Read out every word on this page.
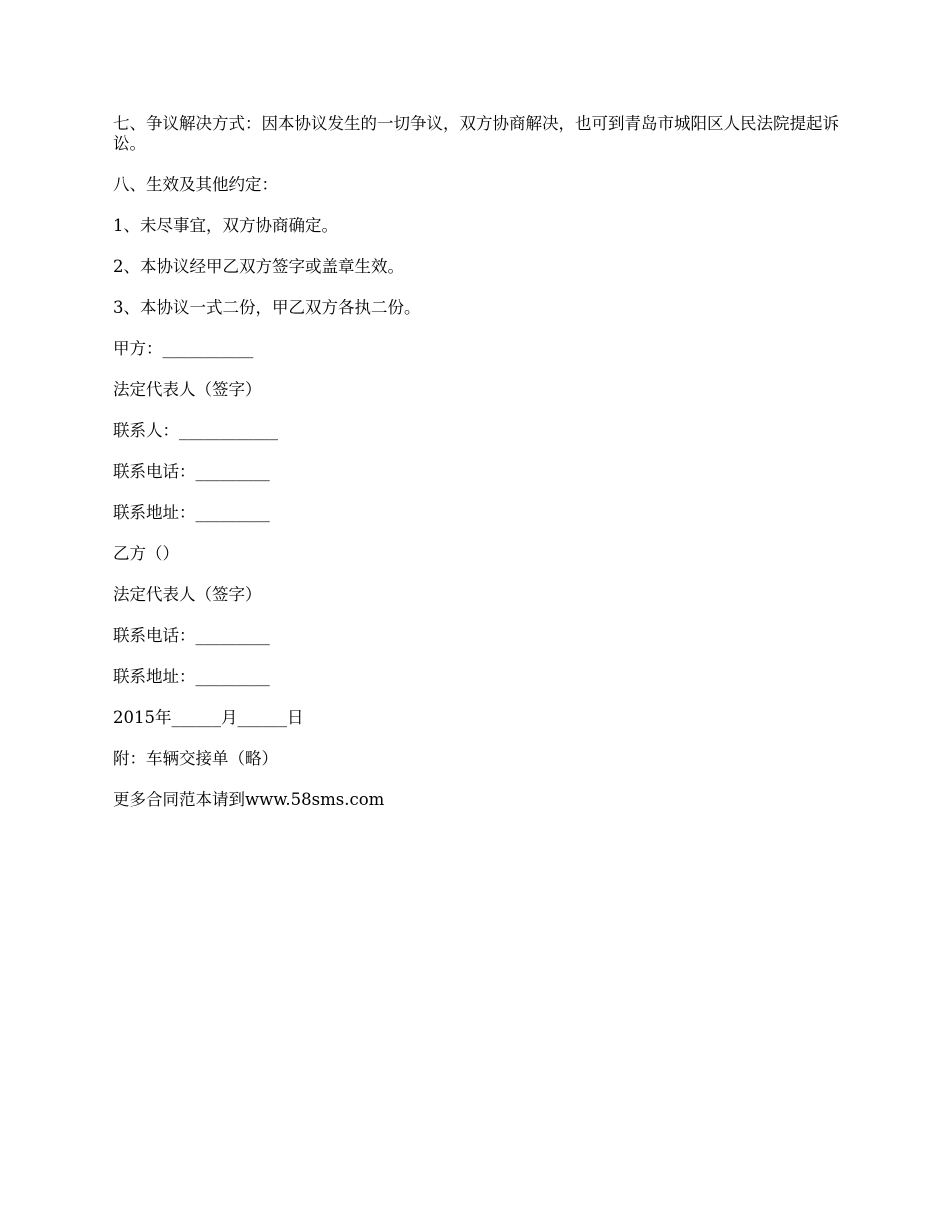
七、争议解决方式：因本协议发生的一切争议，双方协商解决，也可到青岛市城阳区人民法院提起诉讼。

八、生效及其他约定：

1、未尽事宜，双方协商确定。

2、本协议经甲乙双方签字或盖章生效。

3、本协议一式二份，甲乙双方各执二份。

甲方：___________

法定代表人（签字）

联系人：____________

联系电话：_________

联系地址：_________

乙方（）

法定代表人（签字）

联系电话：_________

联系地址：_________

2015年______月______日

附：车辆交接单（略）

更多合同范本请到www.58sms.com
